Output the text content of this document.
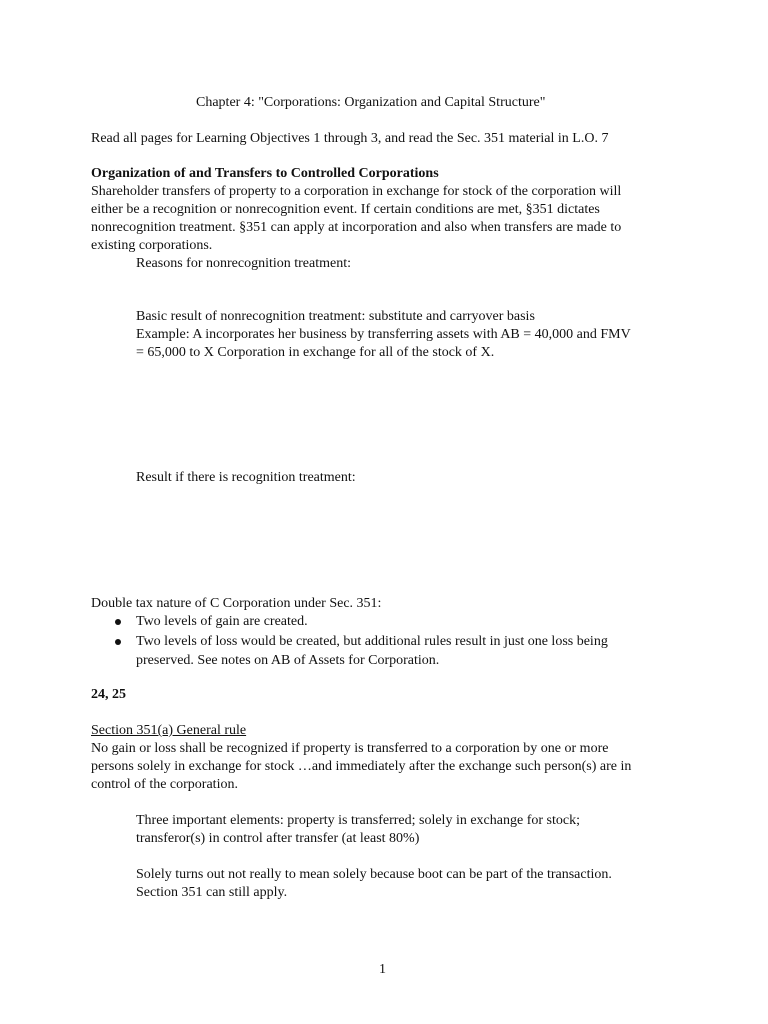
Chapter 4: "Corporations: Organization and Capital Structure"
Read all pages for Learning Objectives 1 through 3, and read the Sec. 351 material in L.O. 7
Organization of and Transfers to Controlled Corporations
Shareholder transfers of property to a corporation in exchange for stock of the corporation will
either be a recognition or nonrecognition event. If certain conditions are met, §351 dictates
nonrecognition treatment. §351 can apply at incorporation and also when transfers are made to
existing corporations.
Reasons for nonrecognition treatment:
Basic result of nonrecognition treatment: substitute and carryover basis
Example: A incorporates her business by transferring assets with AB = 40,000 and FMV
= 65,000 to X Corporation in exchange for all of the stock of X.
Result if there is recognition treatment:
Double tax nature of C Corporation under Sec. 351:
Two levels of gain are created.
Two levels of loss would be created, but additional rules result in just one loss being
preserved. See notes on AB of Assets for Corporation.
24, 25
Section 351(a) General rule
No gain or loss shall be recognized if property is transferred to a corporation by one or more
persons solely in exchange for stock …and immediately after the exchange such person(s) are in
control of the corporation.
Three important elements: property is transferred; solely in exchange for stock;
transferor(s) in control after transfer (at least 80%)
Solely turns out not really to mean solely because boot can be part of the transaction.
Section 351 can still apply.
1
